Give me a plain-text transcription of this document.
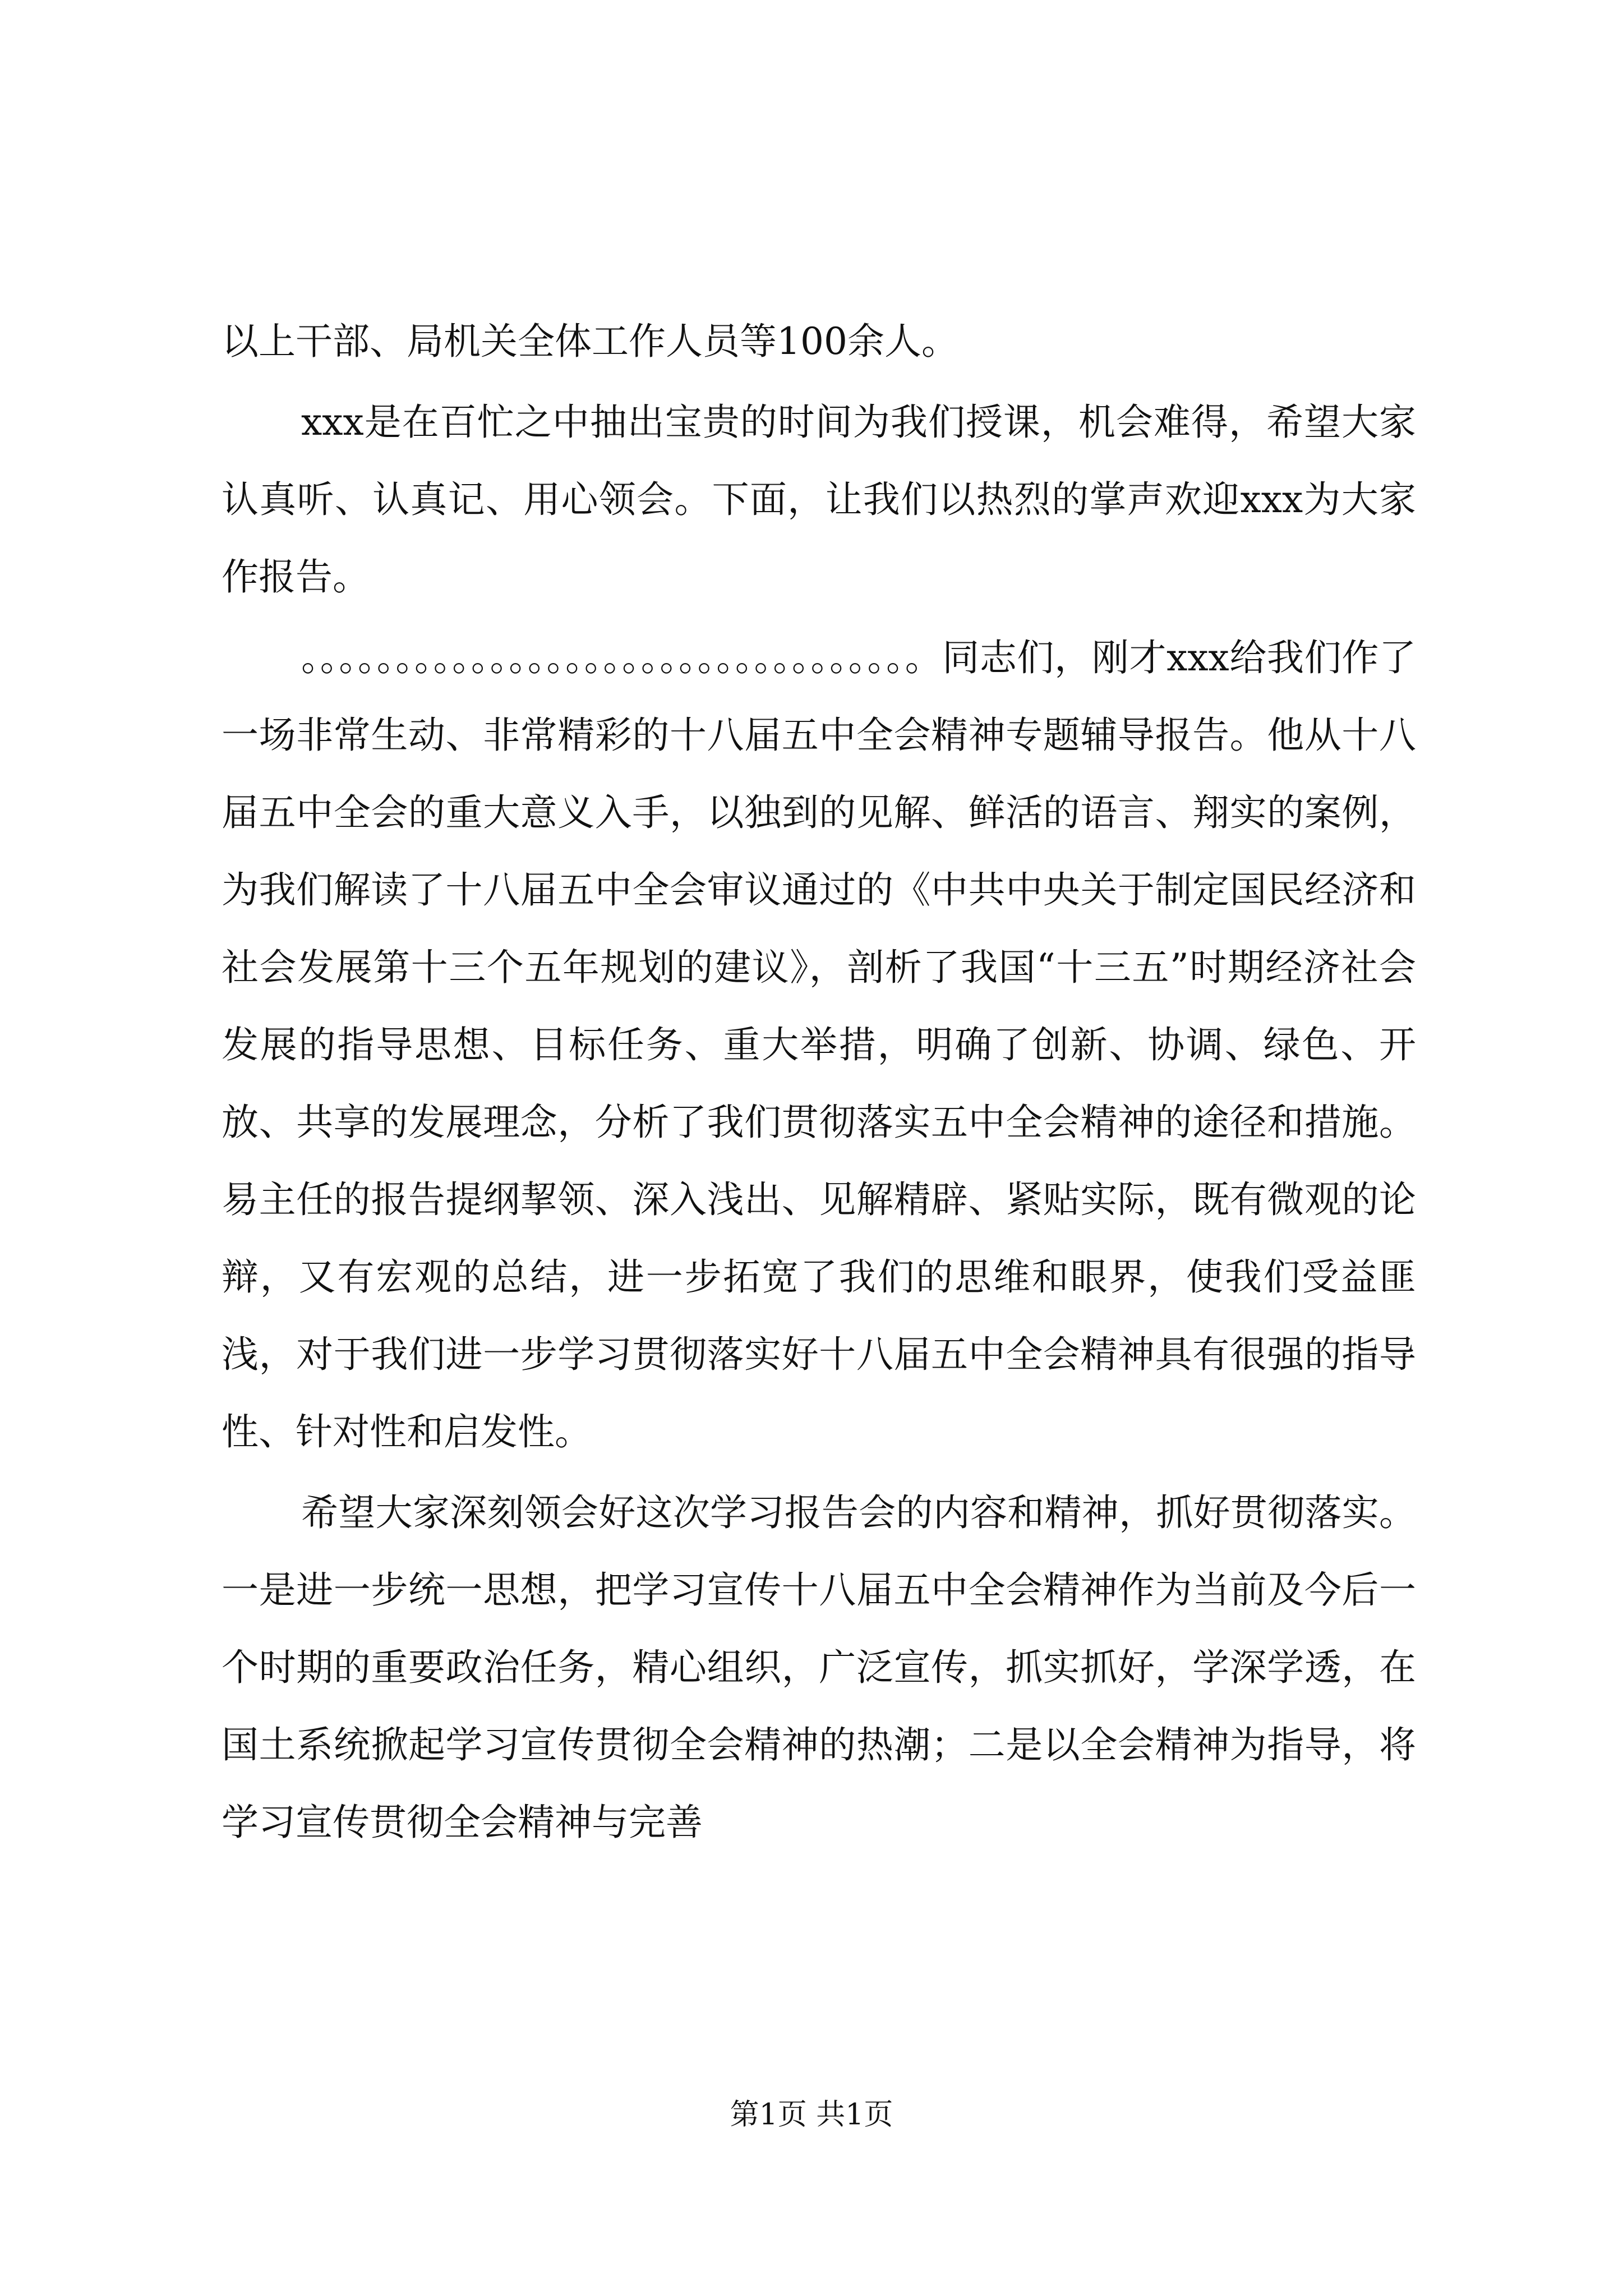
以上干部、局机关全体工作人员等100余人。

xxx是在百忙之中抽出宝贵的时间为我们授课，机会难得，希望大家认真听、认真记、用心领会。下面，让我们以热烈的掌声欢迎xxx为大家作报告。

。。。。。。。。。。。。。。。。。。。。。。。。。。。。。。。。。同志们，刚才xxx给我们作了一场非常生动、非常精彩的十八届五中全会精神专题辅导报告。他从十八届五中全会的重大意义入手，以独到的见解、鲜活的语言、翔实的案例，为我们解读了十八届五中全会审议通过的《中共中央关于制定国民经济和社会发展第十三个五年规划的建议》，剖析了我国“十三五”时期经济社会发展的指导思想、目标任务、重大举措，明确了创新、协调、绿色、开放、共享的发展理念，分析了我们贯彻落实五中全会精神的途径和措施。易主任的报告提纲挈领、深入浅出、见解精辟、紧贴实际，既有微观的论辩，又有宏观的总结，进一步拓宽了我们的思维和眼界，使我们受益匪浅，对于我们进一步学习贯彻落实好十八届五中全会精神具有很强的指导性、针对性和启发性。

希望大家深刻领会好这次学习报告会的内容和精神，抓好贯彻落实。一是进一步统一思想，把学习宣传十八届五中全会精神作为当前及今后一个时期的重要政治任务，精心组织，广泛宣传，抓实抓好，学深学透，在国土系统掀起学习宣传贯彻全会精神的热潮；二是以全会精神为指导，将学习宣传贯彻全会精神与完善

第1页 共1页
